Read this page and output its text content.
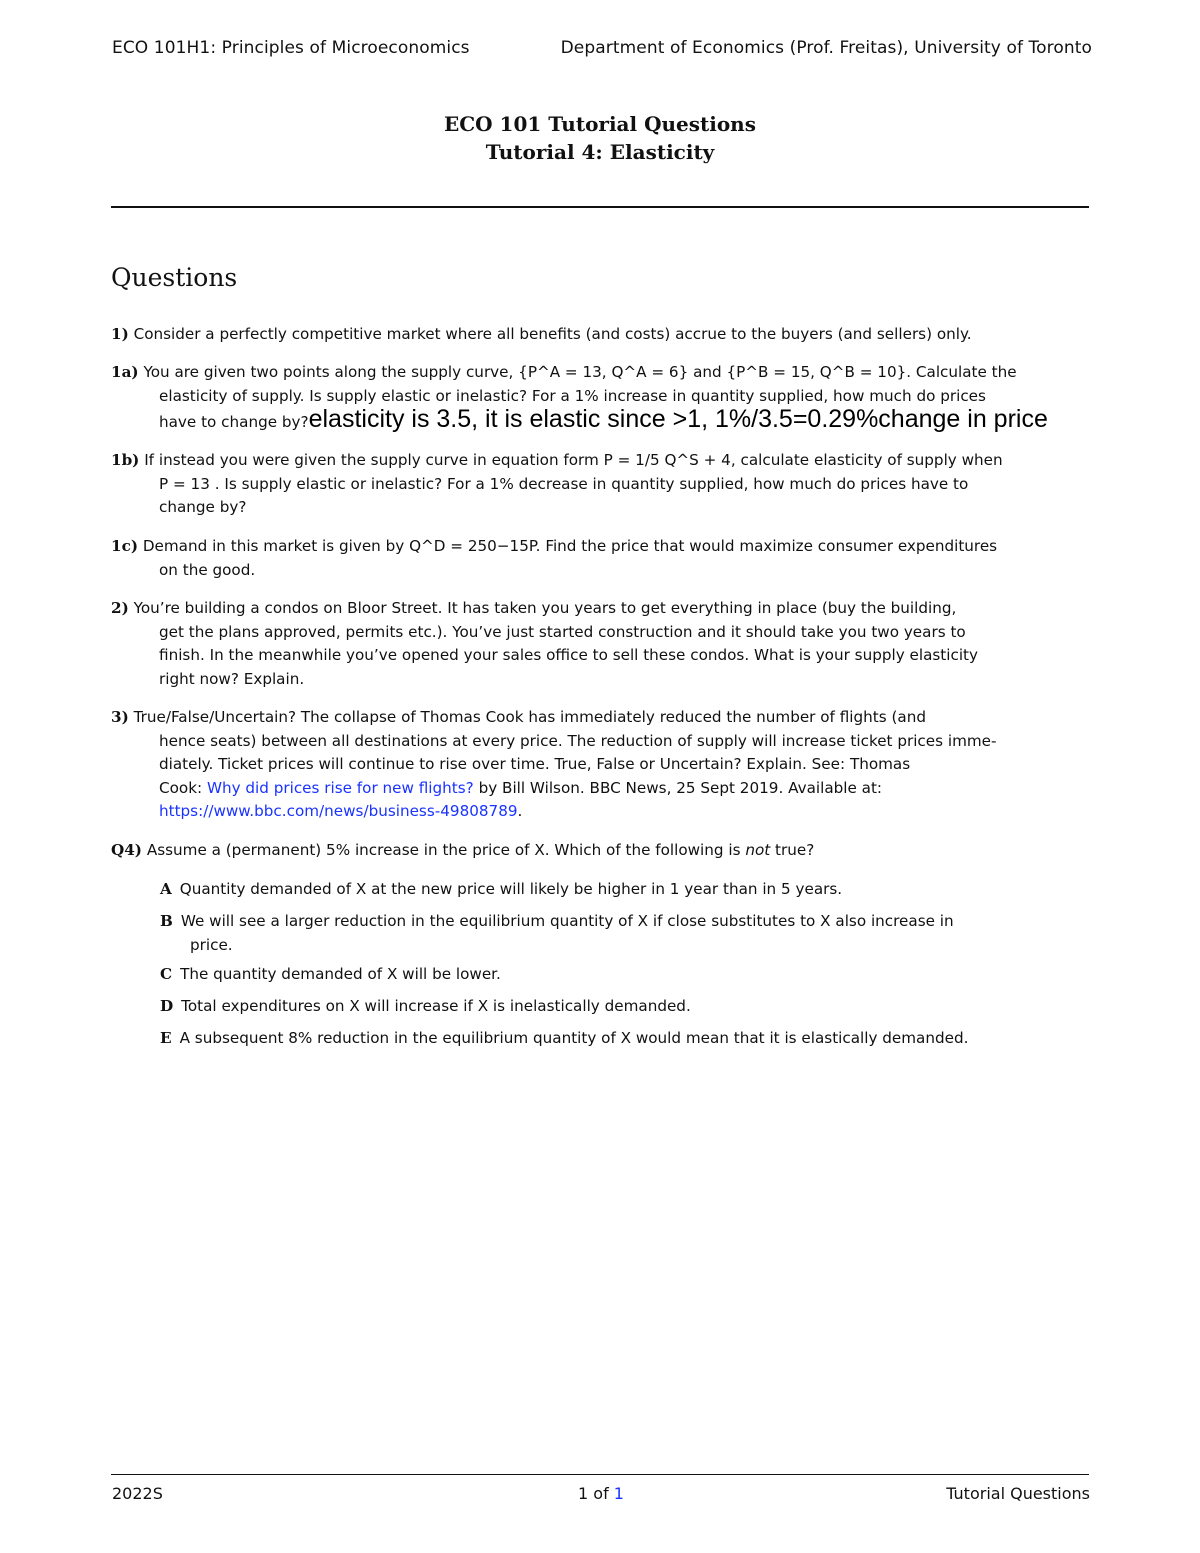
ECO 101H1: Principles of Microeconomics	Department of Economics (Prof. Freitas), University of Toronto
ECO 101 Tutorial Questions
Tutorial 4: Elasticity
Questions
1) Consider a perfectly competitive market where all benefits (and costs) accrue to the buyers (and sellers) only.
1a) You are given two points along the supply curve, {P^A = 13, Q^A = 6} and {P^B = 15, Q^B = 10}. Calculate the
elasticity of supply. Is supply elastic or inelastic? For a 1% increase in quantity supplied, how much do prices
have to change by?elasticity is 3.5, it is elastic since >1, 1%/3.5=0.29%change in price
1b) If instead you were given the supply curve in equation form P = 1/5 Q^S + 4, calculate elasticity of supply when
P = 13 . Is supply elastic or inelastic? For a 1% decrease in quantity supplied, how much do prices have to
change by?
1c) Demand in this market is given by Q^D = 250−15P. Find the price that would maximize consumer expenditures
on the good.
2) You’re building a condos on Bloor Street. It has taken you years to get everything in place (buy the building,
get the plans approved, permits etc.). You’ve just started construction and it should take you two years to
finish. In the meanwhile you’ve opened your sales office to sell these condos. What is your supply elasticity
right now? Explain.
3) True/False/Uncertain? The collapse of Thomas Cook has immediately reduced the number of flights (and
hence seats) between all destinations at every price. The reduction of supply will increase ticket prices imme-
diately. Ticket prices will continue to rise over time. True, False or Uncertain? Explain. See: Thomas
Cook: Why did prices rise for new flights? by Bill Wilson. BBC News, 25 Sept 2019. Available at:
https://www.bbc.com/news/business-49808789.
Q4) Assume a (permanent) 5% increase in the price of X. Which of the following is not true?
A Quantity demanded of X at the new price will likely be higher in 1 year than in 5 years.
B We will see a larger reduction in the equilibrium quantity of X if close substitutes to X also increase in
price.
C The quantity demanded of X will be lower.
D Total expenditures on X will increase if X is inelastically demanded.
E A subsequent 8% reduction in the equilibrium quantity of X would mean that it is elastically demanded.
2022S	1 of 1	Tutorial Questions
